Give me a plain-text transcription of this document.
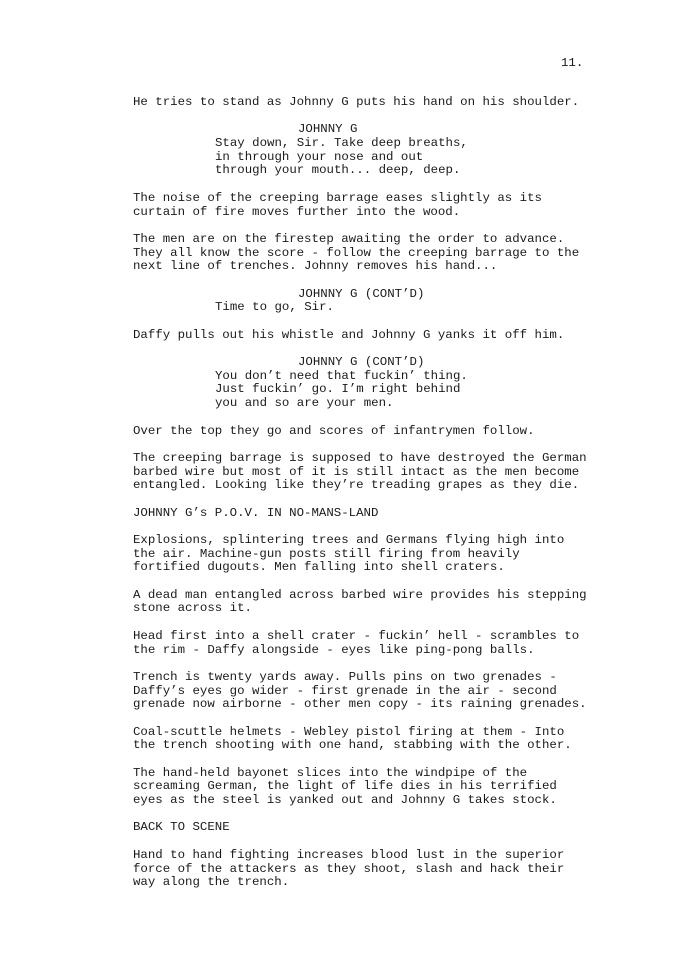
11.
He tries to stand as Johnny G puts his hand on his shoulder.
JOHNNY G
Stay down, Sir. Take deep breaths,
in through your nose and out
through your mouth... deep, deep.
The noise of the creeping barrage eases slightly as its
curtain of fire moves further into the wood.
The men are on the firestep awaiting the order to advance.
They all know the score - follow the creeping barrage to the
next line of trenches. Johnny removes his hand...
JOHNNY G (CONT’D)
Time to go, Sir.
Daffy pulls out his whistle and Johnny G yanks it off him.
JOHNNY G (CONT’D)
You don’t need that fuckin’ thing.
Just fuckin’ go. I’m right behind
you and so are your men.
Over the top they go and scores of infantrymen follow.
The creeping barrage is supposed to have destroyed the German
barbed wire but most of it is still intact as the men become
entangled. Looking like they’re treading grapes as they die.
JOHNNY G’s P.O.V. IN NO-MANS-LAND
Explosions, splintering trees and Germans flying high into
the air. Machine-gun posts still firing from heavily
fortified dugouts. Men falling into shell craters.
A dead man entangled across barbed wire provides his stepping
stone across it.
Head first into a shell crater - fuckin’ hell - scrambles to
the rim - Daffy alongside - eyes like ping-pong balls.
Trench is twenty yards away. Pulls pins on two grenades -
Daffy’s eyes go wider - first grenade in the air - second
grenade now airborne - other men copy - its raining grenades.
Coal-scuttle helmets - Webley pistol firing at them - Into
the trench shooting with one hand, stabbing with the other.
The hand-held bayonet slices into the windpipe of the
screaming German, the light of life dies in his terrified
eyes as the steel is yanked out and Johnny G takes stock.
BACK TO SCENE
Hand to hand fighting increases blood lust in the superior
force of the attackers as they shoot, slash and hack their
way along the trench.
